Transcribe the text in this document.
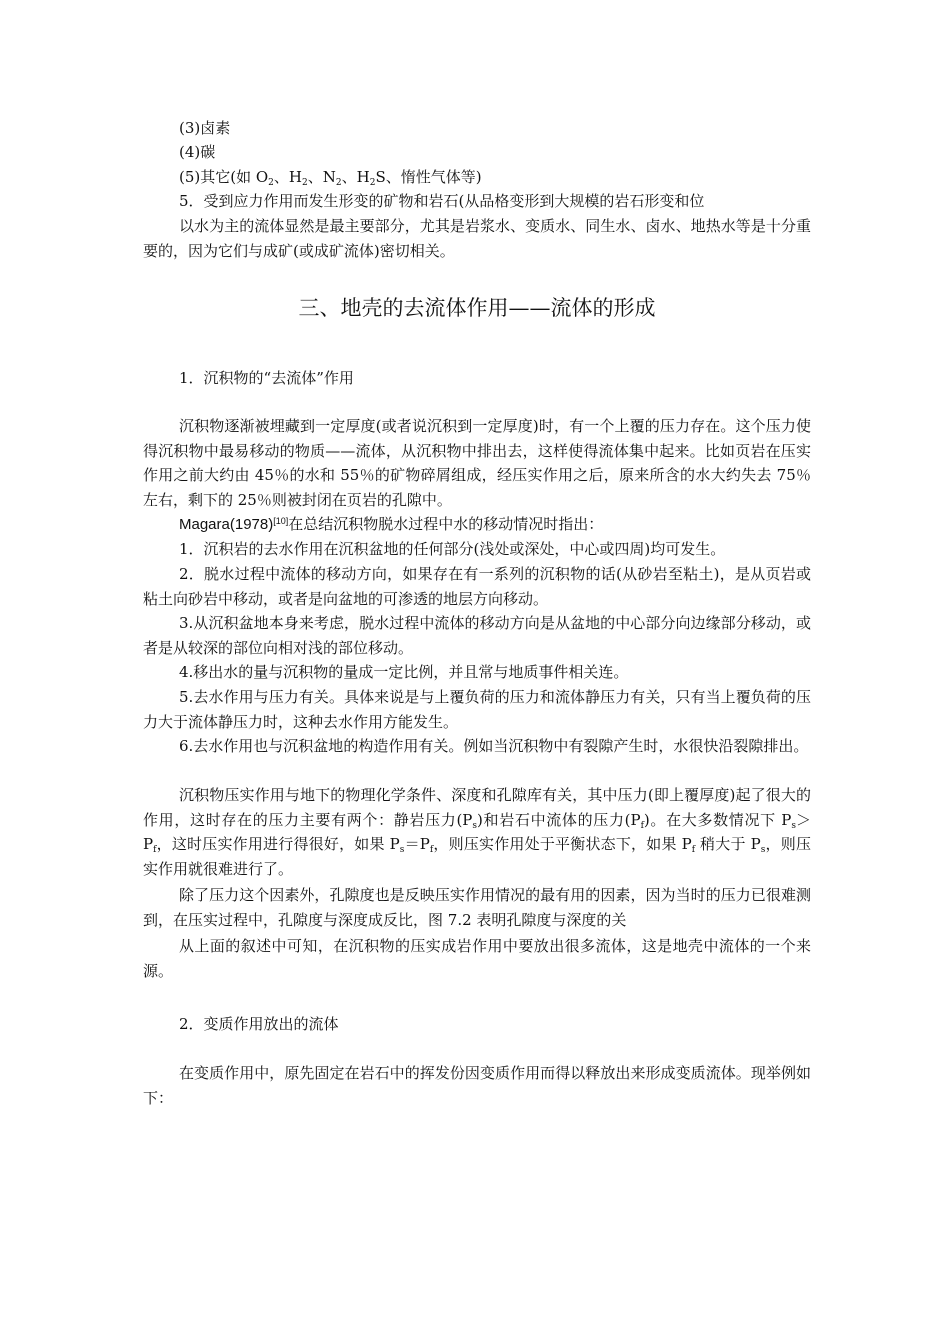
(3)卤素

(4)碳

(5)其它(如 $O_2$、$H_2$、$N_2$、$H_2S$、惰性气体等)

5．受到应力作用而发生形变的矿物和岩石(从品格变形到大规模的岩石形变和位

以水为主的流体显然是最主要部分，尤其是岩浆水、变质水、同生水、卤水、地热水等是十分重要的，因为它们与成矿(或成矿流体)密切相关。

三、地壳的去流体作用——流体的形成

1．沉积物的“去流体”作用

沉积物逐渐被埋藏到一定厚度(或者说沉积到一定厚度)时，有一个上覆的压力存在。这个压力使得沉积物中最易移动的物质——流体，从沉积物中排出去，这样使得流体集中起来。比如页岩在压实作用之前大约由 45％的水和 55％的矿物碎屑组成，经压实作用之后，原来所含的水大约失去 75％左右，剩下的 25％则被封闭在页岩的孔隙中。

Magara(1978)[10]在总结沉积物脱水过程中水的移动情况时指出：

1．沉积岩的去水作用在沉积盆地的任何部分(浅处或深处，中心或四周)均可发生。

2．脱水过程中流体的移动方向，如果存在有一系列的沉积物的话(从砂岩至粘土)，是从页岩或粘土向砂岩中移动，或者是向盆地的可渗透的地层方向移动。

3.从沉积盆地本身来考虑，脱水过程中流体的移动方向是从盆地的中心部分向边缘部分移动，或者是从较深的部位向相对浅的部位移动。

4.移出水的量与沉积物的量成一定比例，并且常与地质事件相关连。

5.去水作用与压力有关。具体来说是与上覆负荷的压力和流体静压力有关，只有当上覆负荷的压力大于流体静压力时，这种去水作用方能发生。

6.去水作用也与沉积盆地的构造作用有关。例如当沉积物中有裂隙产生时，水很快沿裂隙排出。

沉积物压实作用与地下的物理化学条件、深度和孔隙库有关，其中压力(即上覆厚度)起了很大的作用，这时存在的压力主要有两个：静岩压力$(P_s)$和岩石中流体的压力$(P_f)$。在大多数情况下 $P_s>P_f$，这时压实作用进行得很好，如果 $P_s=P_f$，则压实作用处于平衡状态下，如果 $P_f$ 稍大于 $P_s$，则压实作用就很难进行了。

除了压力这个因素外，孔隙度也是反映压实作用情况的最有用的因素，因为当时的压力已很难测到，在压实过程中，孔隙度与深度成反比，图 7.2 表明孔隙度与深度的关

从上面的叙述中可知，在沉积物的压实成岩作用中要放出很多流体，这是地壳中流体的一个来源。

2．变质作用放出的流体

在变质作用中，原先固定在岩石中的挥发份因变质作用而得以释放出来形成变质流体。现举例如下：
